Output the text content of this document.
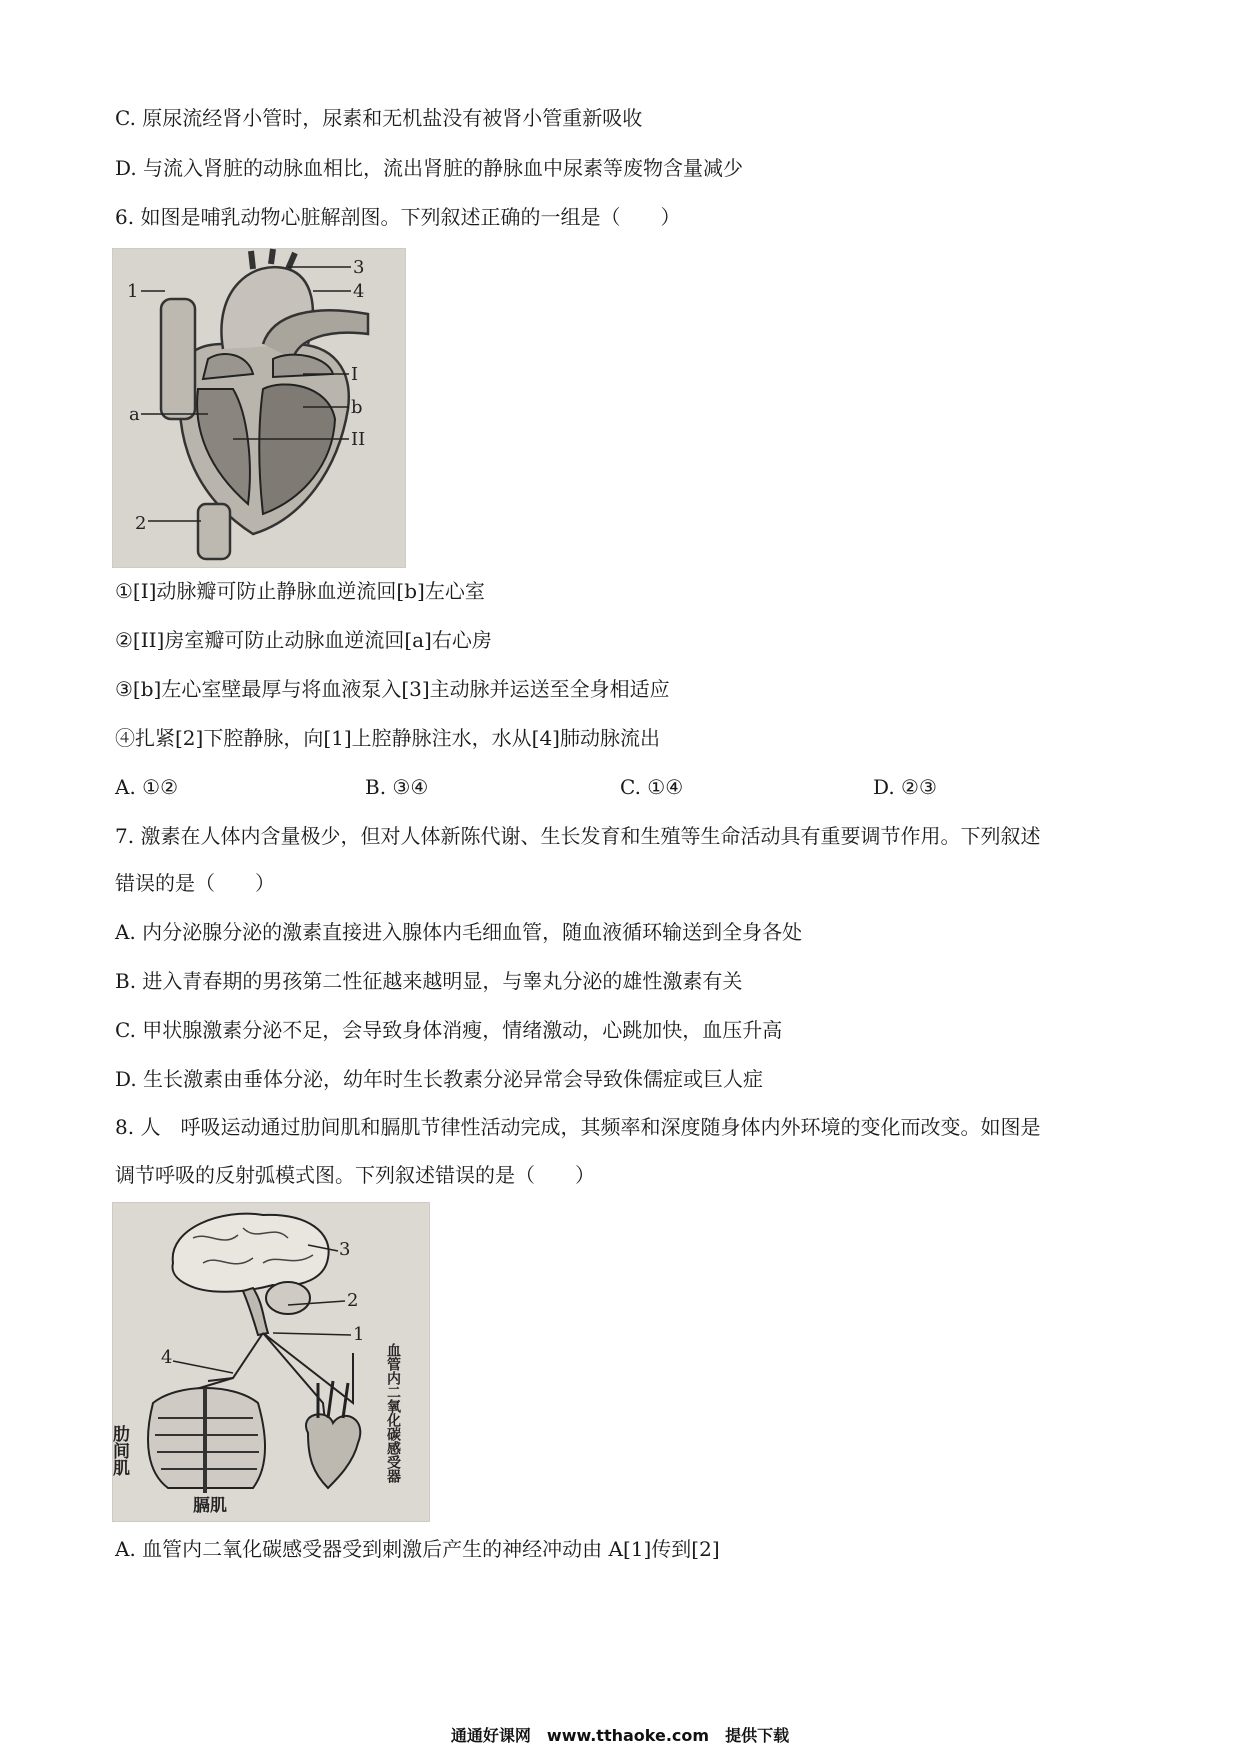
C. 原尿流经肾小管时，尿素和无机盐没有被肾小管重新吸收
D. 与流入肾脏的动脉血相比，流出肾脏的静脉血中尿素等废物含量减少
6. 如图是哺乳动物心脏解剖图。下列叙述正确的一组是（　　）
1
2
3
4
I
b
II
a
①[I]动脉瓣可防止静脉血逆流回[b]左心室
②[II]房室瓣可防止动脉血逆流回[a]右心房
③[b]左心室壁最厚与将血液泵入[3]主动脉并运送至全身相适应
④扎紧[2]下腔静脉，向[1]上腔静脉注水，水从[4]肺动脉流出
A. ①②	B. ③④	C. ①④	D. ②③
7. 激素在人体内含量极少，但对人体新陈代谢、生长发育和生殖等生命活动具有重要调节作用。下列叙述
错误的是（　　）
A. 内分泌腺分泌的激素直接进入腺体内毛细血管，随血液循环输送到全身各处
B. 进入青春期的男孩第二性征越来越明显，与睾丸分泌的雄性激素有关
C. 甲状腺激素分泌不足，会导致身体消瘦，情绪激动，心跳加快，血压升高
D. 生长激素由垂体分泌，幼年时生长教素分泌异常会导致侏儒症或巨人症
8. 人　呼吸运动通过肋间肌和膈肌节律性活动完成，其频率和深度随身体内外环境的变化而改变。如图是
调节呼吸的反射弧模式图。下列叙述错误的是（　　）
3
2
1
4
肋间肌
膈肌
血管内二氧化碳感受器
A. 血管内二氧化碳感受器受到刺激后产生的神经冲动由 A[1]传到[2]
通通好课网　www.tthaoke.com　提供下载
